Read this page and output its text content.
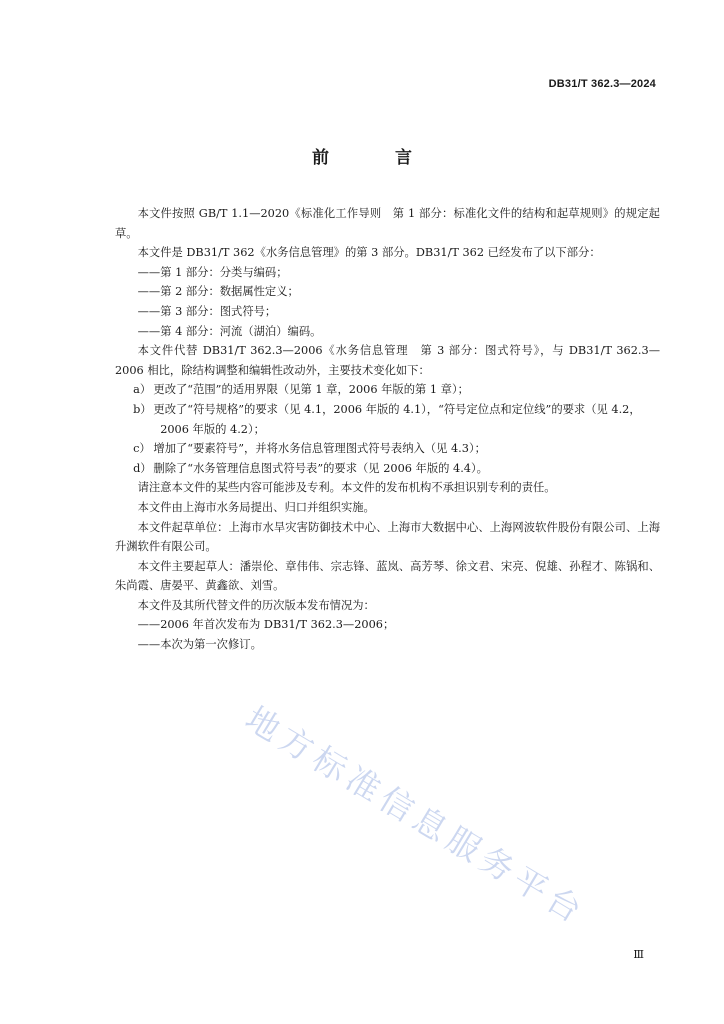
DB31/T 362.3—2024
前 言

本文件按照 GB/T 1.1—2020《标准化工作导则　第 1 部分：标准化文件的结构和起草规则》的规定起草。

本文件是 DB31/T 362《水务信息管理》的第 3 部分。DB31/T 362 已经发布了以下部分：

——第 1 部分：分类与编码；

——第 2 部分：数据属性定义；

——第 3 部分：图式符号；

——第 4 部分：河流（湖泊）编码。

本文件代替 DB31/T 362.3—2006《水务信息管理　第 3 部分：图式符号》，与 DB31/T 362.3—2006 相比，除结构调整和编辑性改动外，主要技术变化如下：

a） 更改了“范围”的适用界限（见第 1 章，2006 年版的第 1 章）；

b） 更改了“符号规格”的要求（见 4.1，2006 年版的 4.1），“符号定位点和定位线”的要求（见 4.2，2006 年版的 4.2）；

c） 增加了“要素符号”，并将水务信息管理图式符号表纳入（见 4.3）；

d） 删除了“水务管理信息图式符号表”的要求（见 2006 年版的 4.4）。

请注意本文件的某些内容可能涉及专利。本文件的发布机构不承担识别专利的责任。

本文件由上海市水务局提出、归口并组织实施。

本文件起草单位：上海市水旱灾害防御技术中心、上海市大数据中心、上海网波软件股份有限公司、上海升渊软件有限公司。

本文件主要起草人：潘崇伦、章伟伟、宗志锋、蓝岚、高芳琴、徐文君、宋亮、倪雄、孙程才、陈锅和、朱尚霞、唐晏平、黄鑫欲、刘雪。

本文件及其所代替文件的历次版本发布情况为：

——2006 年首次发布为 DB31/T 362.3—2006；

——本次为第一次修订。

地方标准信息服务平台
Ⅲ
